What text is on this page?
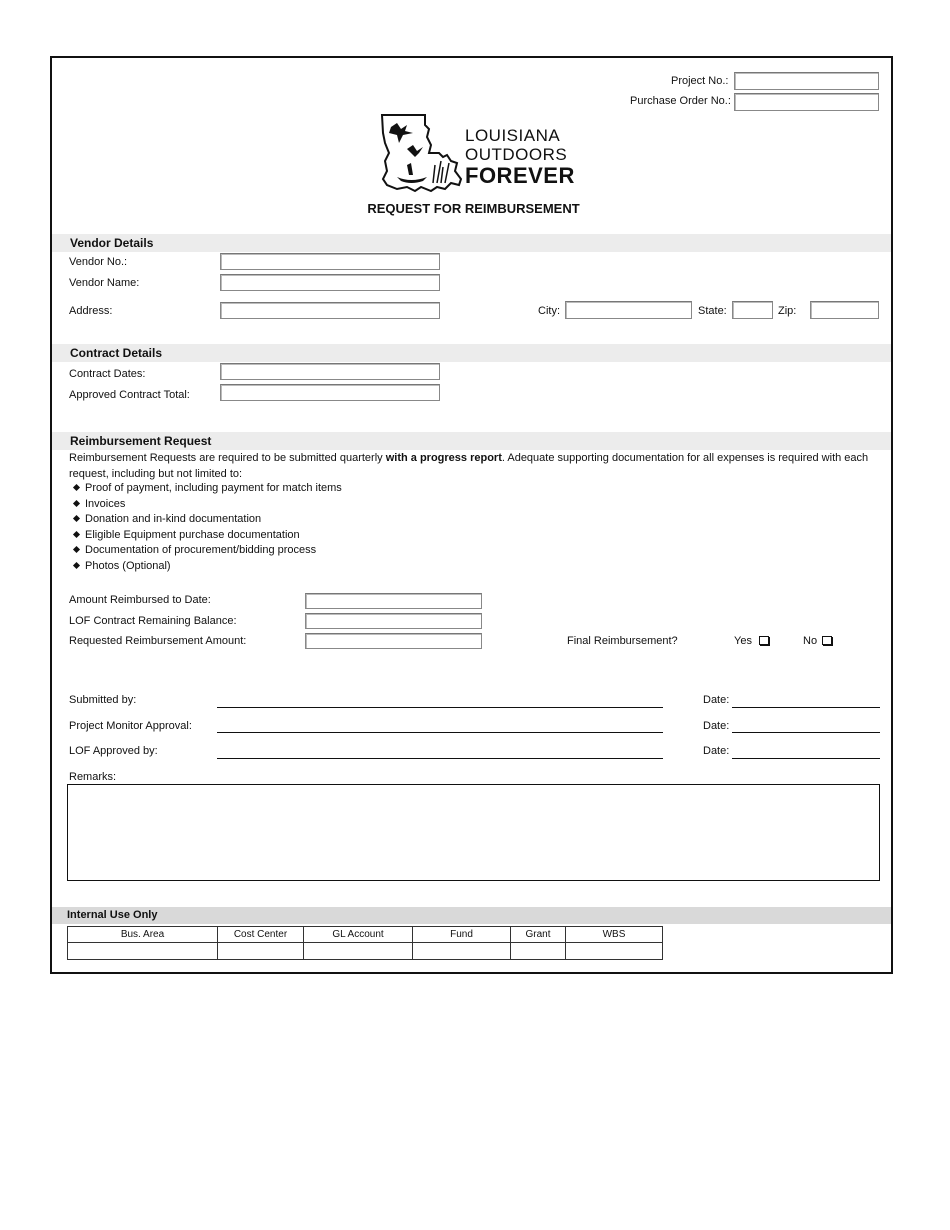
Project No.:
Purchase Order No.:
LOUISIANA
OUTDOORS
FOREVER
REQUEST FOR REIMBURSEMENT
Vendor Details
Vendor No.:
Vendor Name:
Address:	City:	State:	Zip:
Contract Details
Contract Dates:
Approved Contract Total:
Reimbursement Request
Reimbursement Requests are required to be submitted quarterly with a progress report. Adequate supporting documentation for all expenses is required with each request, including but not limited to:
Proof of payment, including payment for match items
Invoices
Donation and in-kind documentation
Eligible Equipment purchase documentation
Documentation of procurement/bidding process
Photos (Optional)
Amount Reimbursed to Date:
LOF Contract Remaining Balance:
Requested Reimbursement Amount:	Final Reimbursement?	Yes	No
Submitted by:	Date:
Project Monitor Approval:	Date:
LOF Approved by:	Date:
Remarks:
Internal Use Only
Bus. Area	Cost Center	GL Account	Fund	Grant	WBS
